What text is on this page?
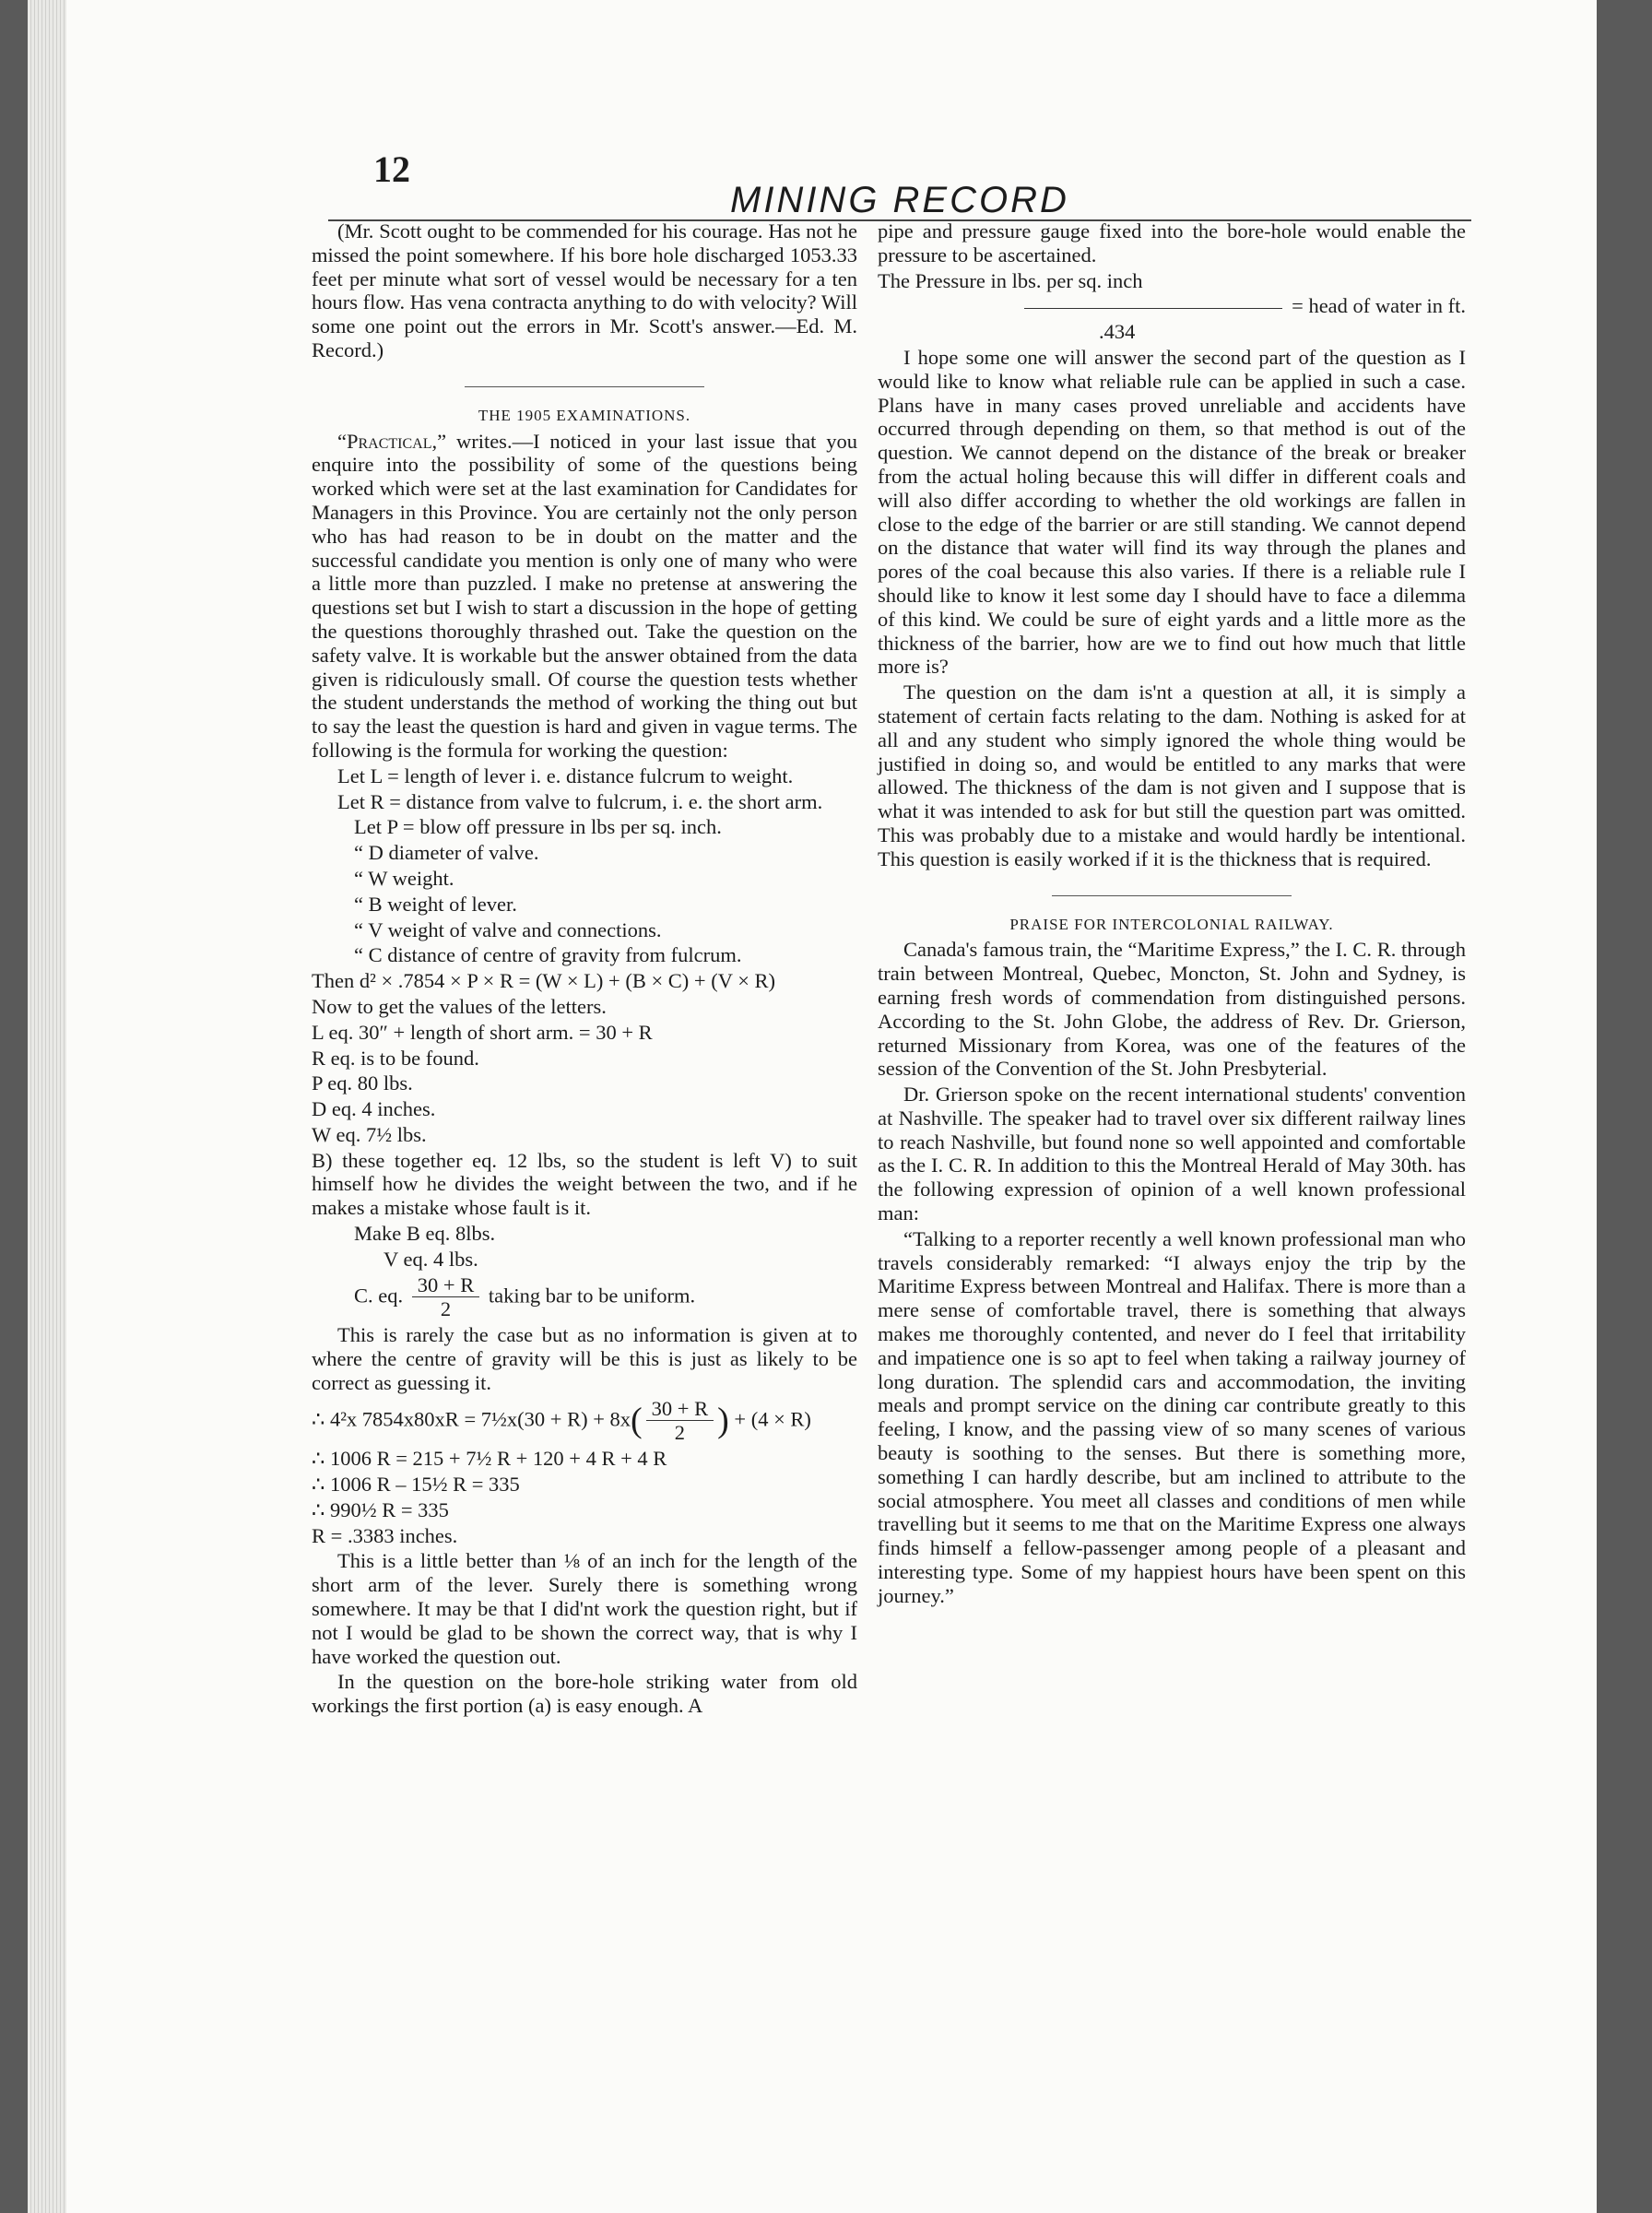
12
MINING RECORD

(Mr. Scott ought to be commended for his courage. Has not he missed the point somewhere. If his bore hole discharged 1053.33 feet per minute what sort of vessel would be necessary for a ten hours flow. Has vena contracta anything to do with velocity? Will some one point out the errors in Mr. Scott's answer.—Ed. M. Record.)

THE 1905 EXAMINATIONS.

“Practical,” writes.—I noticed in your last issue that you enquire into the possibility of some of the questions being worked which were set at the last examination for Candidates for Managers in this Province. You are certainly not the only person who has had reason to be in doubt on the matter and the successful candidate you mention is only one of many who were a little more than puzzled. I make no pretense at answering the questions set but I wish to start a discussion in the hope of getting the questions thoroughly thrashed out. Take the question on the safety valve. It is workable but the answer obtained from the data given is ridiculously small. Of course the question tests whether the student understands the method of working the thing out but to say the least the question is hard and given in vague terms. The following is the formula for working the question:

Let L = length of lever i. e. distance fulcrum to weight.

Let R = distance from valve to fulcrum, i. e. the short arm.

Let P = blow off pressure in lbs per sq. inch.

“ D diameter of valve.

“ W weight.

“ B weight of lever.

“ V weight of valve and connections.

“ C distance of centre of gravity from fulcrum.

Then d² × .7854 × P × R = (W × L) + (B × C) + (V × R)

Now to get the values of the letters.

L eq. 30″ + length of short arm. = 30 + R

R eq. is to be found.

P eq. 80 lbs.

D eq. 4 inches.

W eq. 7½ lbs.

B) these together eq. 12 lbs, so the student is left V) to suit himself how he divides the weight between the two, and if he makes a mistake whose fault is it.

Make B eq. 8lbs.

V eq. 4 lbs.

C. eq. $\frac{30 + R}{2}$ taking bar to be uniform.

This is rarely the case but as no information is given at to where the centre of gravity will be this is just as likely to be correct as guessing it.

∴ 4²x 7854x80xR = 7½x(30 + $R) + 8x( \frac{30 + R}{2}$ ) + (4 × R)

∴ 1006 R = 215 + 7½ R + 120 + 4 R + 4 R

∴ 1006 R – 15½ R = 335

∴ 990½ R = 335

R = .3383 inches.

This is a little better than ⅛ of an inch for the length of the short arm of the lever. Surely there is something wrong somewhere. It may be that I did'nt work the question right, but if not I would be glad to be shown the correct way, that is why I have worked the question out.

In the question on the bore-hole striking water from old workings the first portion (a) is easy enough. A

pipe and pressure gauge fixed into the bore-hole would enable the pressure to be ascertained.

The Pressure in lbs. per sq. inch

= head of water in ft.

.434

I hope some one will answer the second part of the question as I would like to know what reliable rule can be applied in such a case. Plans have in many cases proved unreliable and accidents have occurred through depending on them, so that method is out of the question. We cannot depend on the distance of the break or breaker from the actual holing because this will differ in different coals and will also differ according to whether the old workings are fallen in close to the edge of the barrier or are still standing. We cannot depend on the distance that water will find its way through the planes and pores of the coal because this also varies. If there is a reliable rule I should like to know it lest some day I should have to face a dilemma of this kind. We could be sure of eight yards and a little more as the thickness of the barrier, how are we to find out how much that little more is?

The question on the dam is'nt a question at all, it is simply a statement of certain facts relating to the dam. Nothing is asked for at all and any student who simply ignored the whole thing would be justified in doing so, and would be entitled to any marks that were allowed. The thickness of the dam is not given and I suppose that is what it was intended to ask for but still the question part was omitted. This was probably due to a mistake and would hardly be intentional. This question is easily worked if it is the thickness that is required.

PRAISE FOR INTERCOLONIAL RAILWAY.

Canada's famous train, the “Maritime Express,” the I. C. R. through train between Montreal, Quebec, Moncton, St. John and Sydney, is earning fresh words of commendation from distinguished persons. According to the St. John Globe, the address of Rev. Dr. Grierson, returned Missionary from Korea, was one of the features of the session of the Convention of the St. John Presbyterial.

Dr. Grierson spoke on the recent international students' convention at Nashville. The speaker had to travel over six different railway lines to reach Nashville, but found none so well appointed and comfortable as the I. C. R. In addition to this the Montreal Herald of May 30th. has the following expression of opinion of a well known professional man:

“Talking to a reporter recently a well known professional man who travels considerably remarked: “I always enjoy the trip by the Maritime Express between Montreal and Halifax. There is more than a mere sense of comfortable travel, there is something that always makes me thoroughly contented, and never do I feel that irritability and impatience one is so apt to feel when taking a railway journey of long duration. The splendid cars and accommodation, the inviting meals and prompt service on the dining car contribute greatly to this feeling, I know, and the passing view of so many scenes of various beauty is soothing to the senses. But there is something more, something I can hardly describe, but am inclined to attribute to the social atmosphere. You meet all classes and conditions of men while travelling but it seems to me that on the Maritime Express one always finds himself a fellow-passenger among people of a pleasant and interesting type. Some of my happiest hours have been spent on this journey.”
